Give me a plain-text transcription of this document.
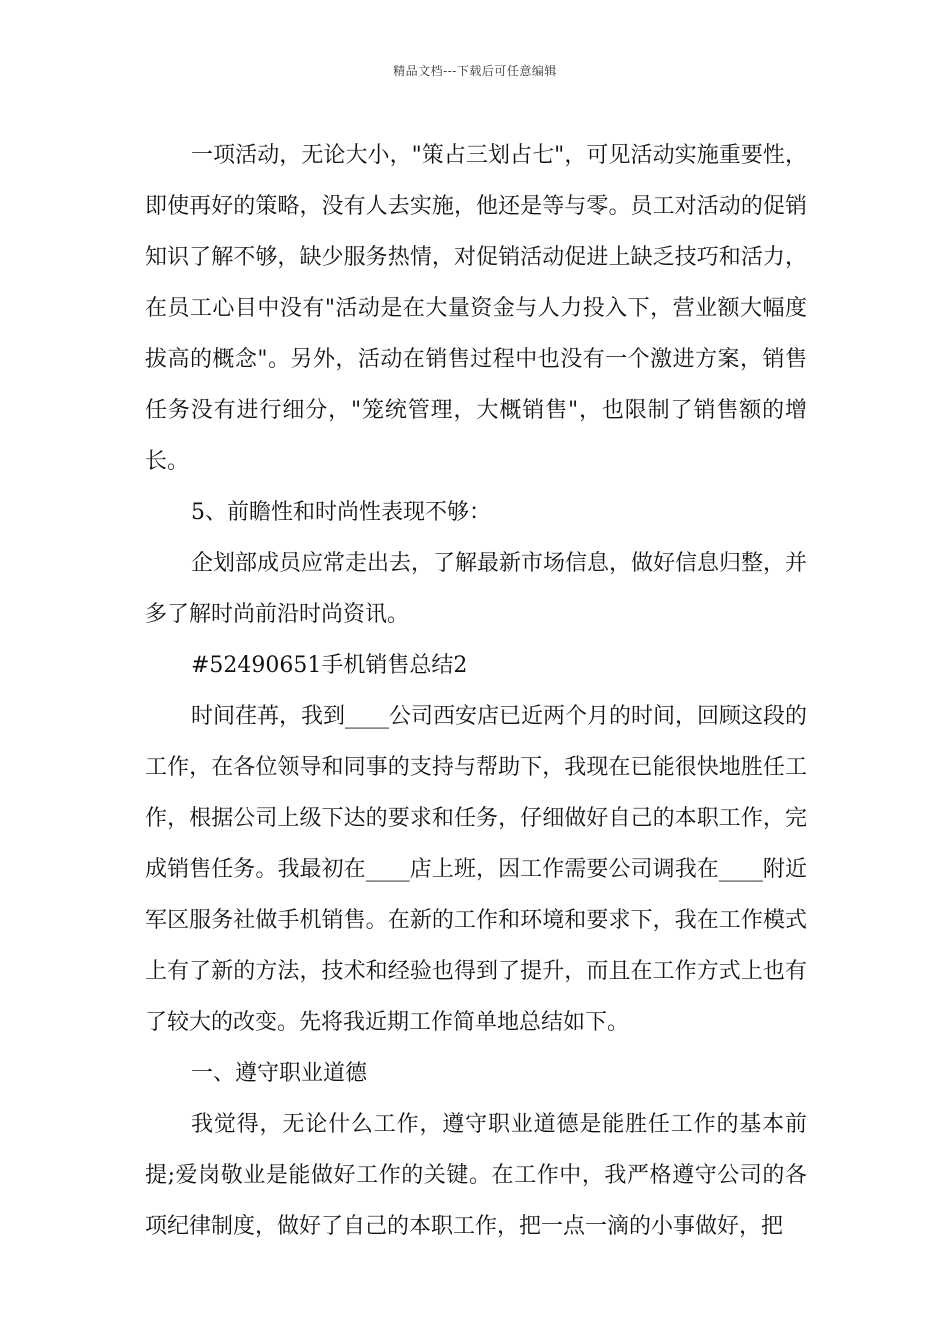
精品文档---下载后可任意编辑

一项活动，无论大小，"策占三划占七"，可见活动实施重要性，即使再好的策略，没有人去实施，他还是等与零。员工对活动的促销知识了解不够，缺少服务热情，对促销活动促进上缺乏技巧和活力，在员工心目中没有"活动是在大量资金与人力投入下，营业额大幅度拔高的概念"。另外，活动在销售过程中也没有一个激进方案，销售任务没有进行细分，"笼统管理，大概销售"，也限制了销售额的增长。

5、前瞻性和时尚性表现不够：

企划部成员应常走出去，了解最新市场信息，做好信息归整，并多了解时尚前沿时尚资讯。

#52490651手机销售总结2

时间荏苒，我到____公司西安店已近两个月的时间，回顾这段的工作，在各位领导和同事的支持与帮助下，我现在已能很快地胜任工作，根据公司上级下达的要求和任务，仔细做好自己的本职工作，完成销售任务。我最初在____店上班，因工作需要公司调我在____附近军区服务社做手机销售。在新的工作和环境和要求下，我在工作模式上有了新的方法，技术和经验也得到了提升，而且在工作方式上也有了较大的改变。先将我近期工作简单地总结如下。

一、遵守职业道德

我觉得，无论什么工作，遵守职业道德是能胜任工作的基本前提;爱岗敬业是能做好工作的关键。在工作中，我严格遵守公司的各项纪律制度，做好了自己的本职工作，把一点一滴的小事做好，把
